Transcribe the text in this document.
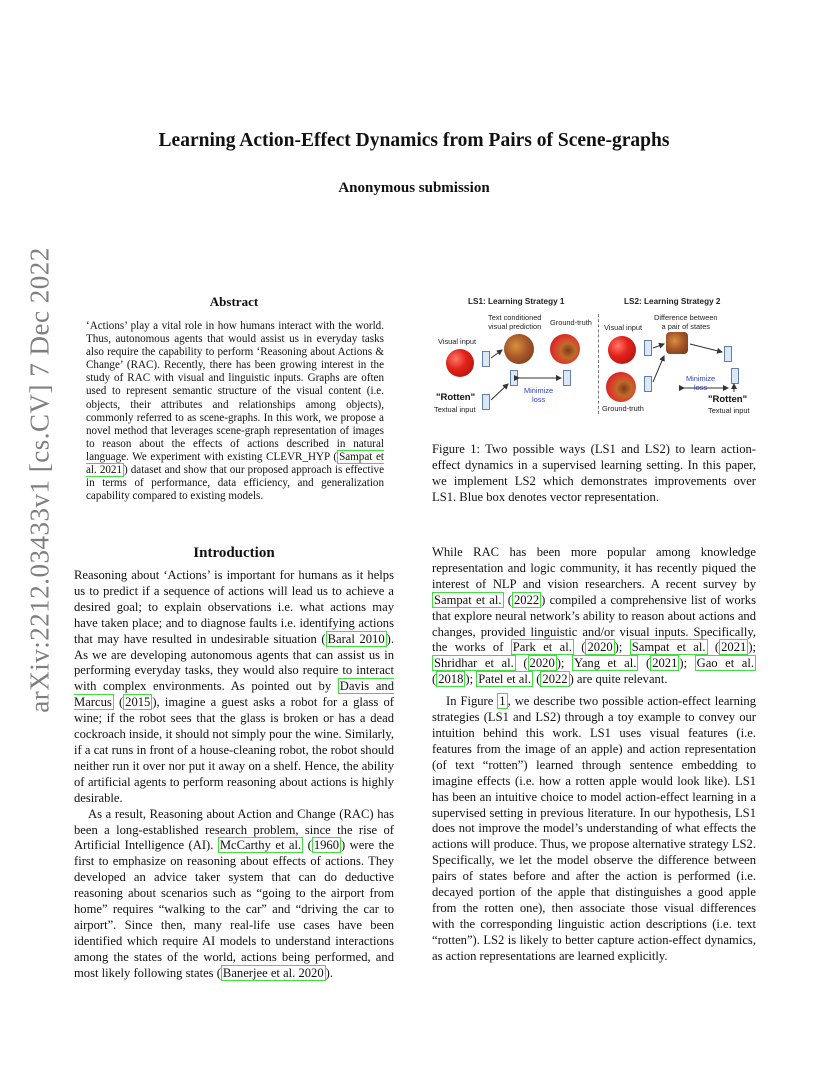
arXiv:2212.03433v1 [cs.CV] 7 Dec 2022
Learning Action-Effect Dynamics from Pairs of Scene-graphs
Anonymous submission
Abstract
‘Actions’ play a vital role in how humans interact with the world. Thus, autonomous agents that would assist us in everyday tasks also require the capability to perform ‘Reasoning about Actions & Change’ (RAC). Recently, there has been growing interest in the study of RAC with visual and linguistic inputs. Graphs are often used to represent semantic structure of the visual content (i.e. objects, their attributes and relationships among objects), commonly referred to as scene-graphs. In this work, we propose a novel method that leverages scene-graph representation of images to reason about the effects of actions described in natural language. We experiment with existing CLEVR_HYP ( Sampat et al. 2021 ) dataset and show that our proposed approach is effective in terms of performance, data efficiency, and generalization capability compared to existing models.
LS1: Learning Strategy 1	LS2: Learning Strategy 2
Text conditioned
visual prediction Ground-truth
Visual input
"Rotten"
Textual input
Minimize
loss
Visual input
Difference between
a pair of states
Minimize
loss
"Rotten"
Textual input
Ground-truth
Figure 1: Two possible ways (LS1 and LS2) to learn action-effect dynamics in a supervised learning setting. In this paper, we implement LS2 which demonstrates improvements over LS1. Blue box denotes vector representation.
Introduction

Reasoning about ‘Actions’ is important for humans as it helps us to predict if a sequence of actions will lead us to achieve a desired goal; to explain observations i.e. what actions may have taken place; and to diagnose faults i.e. identifying actions that may have resulted in undesirable situation ( Baral 2010 ). As we are developing autonomous agents that can assist us in performing everyday tasks, they would also require to interact with complex environments. As pointed out by Davis and Marcus ( 2015 ), imagine a guest asks a robot for a glass of wine; if the robot sees that the glass is broken or has a dead cockroach inside, it should not simply pour the wine. Similarly, if a cat runs in front of a house-cleaning robot, the robot should neither run it over nor put it away on a shelf. Hence, the ability of artificial agents to perform reasoning about actions is highly desirable.

As a result, Reasoning about Action and Change (RAC) has been a long-established research problem, since the rise of Artificial Intelligence (AI). McCarthy et al. ( 1960 ) were the first to emphasize on reasoning about effects of actions. They developed an advice taker system that can do deductive reasoning about scenarios such as “going to the airport from home” requires “walking to the car” and “driving the car to airport”. Since then, many real-life use cases have been identified which require AI models to understand interactions among the states of the world, actions being performed, and most likely following states ( Banerjee et al. 2020 ).

While RAC has been more popular among knowledge representation and logic community, it has recently piqued the interest of NLP and vision researchers. A recent survey by Sampat et al. ( 2022 ) compiled a comprehensive list of works that explore neural network’s ability to reason about actions and changes, provided linguistic and/or visual inputs. Specifically, the works of Park et al. ( 2020 ); Sampat et al. ( 2021 ); Shridhar et al. ( 2020 ); Yang et al. ( 2021 ); Gao et al. ( 2018 ); Patel et al. ( 2022 ) are quite relevant.

In Figure 1 , we describe two possible action-effect learning strategies (LS1 and LS2) through a toy example to convey our intuition behind this work. LS1 uses visual features (i.e. features from the image of an apple) and action representation (of text “rotten”) learned through sentence embedding to imagine effects (i.e. how a rotten apple would look like). LS1 has been an intuitive choice to model action-effect learning in a supervised setting in previous literature. In our hypothesis, LS1 does not improve the model’s understanding of what effects the actions will produce. Thus, we propose alternative strategy LS2. Specifically, we let the model observe the difference between pairs of states before and after the action is performed (i.e. decayed portion of the apple that distinguishes a good apple from the rotten one), then associate those visual differences with the corresponding linguistic action descriptions (i.e. text “rotten”). LS2 is likely to better capture action-effect dynamics, as action representations are learned explicitly.
